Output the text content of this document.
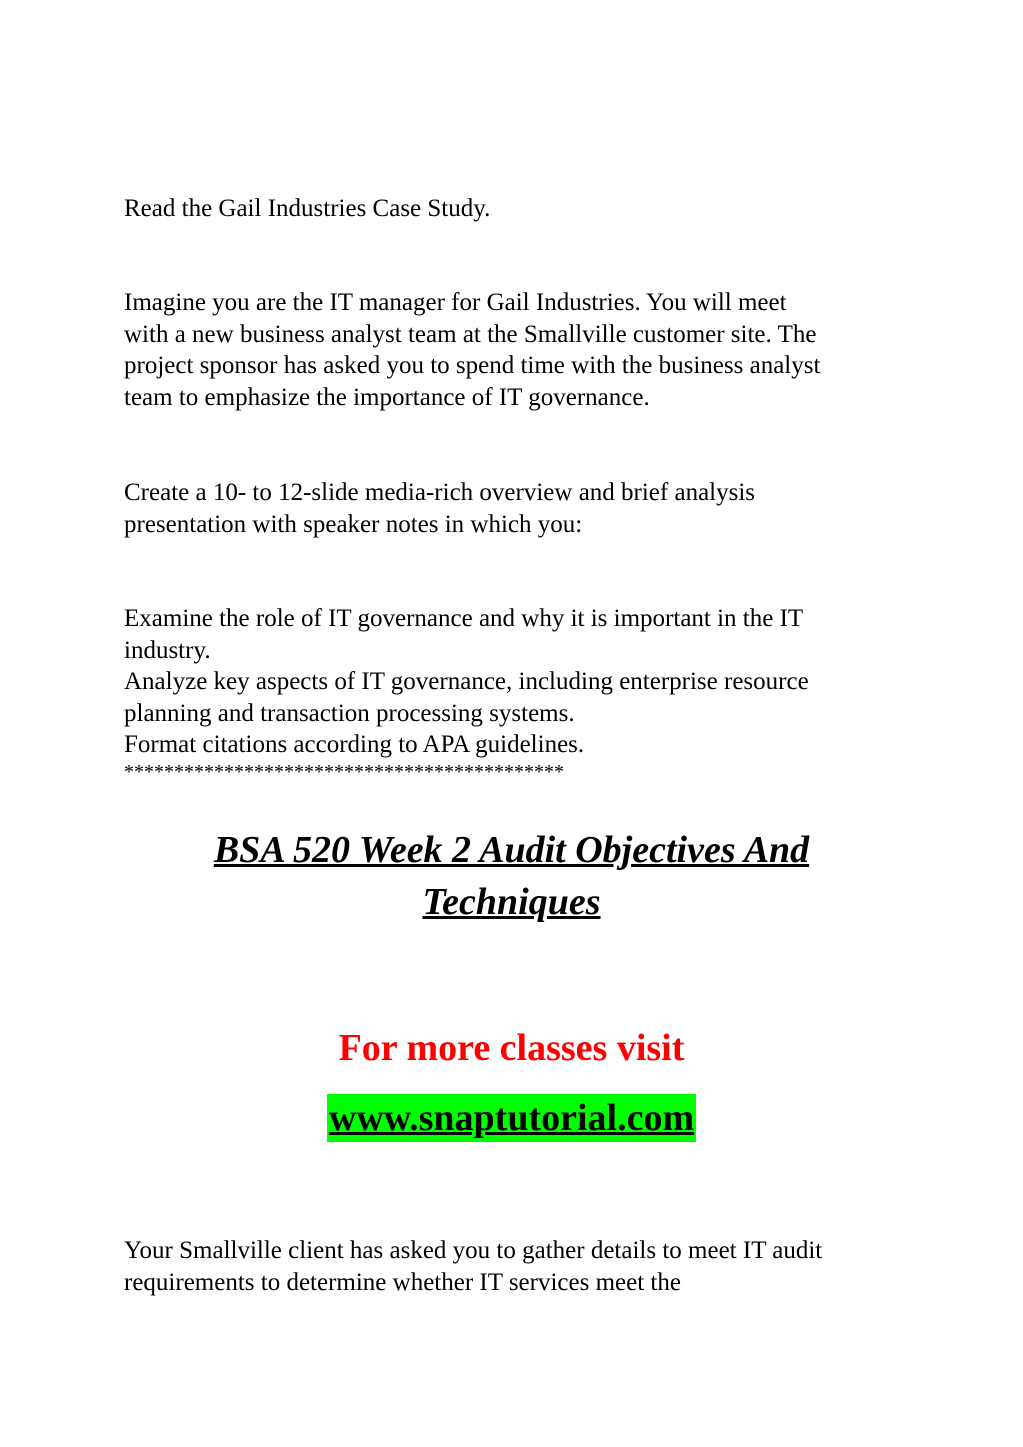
Read the Gail Industries Case Study.
Imagine you are the IT manager for Gail Industries. You will meet
with a new business analyst team at the Smallville customer site. The
project sponsor has asked you to spend time with the business analyst
team to emphasize the importance of IT governance.
Create a 10- to 12-slide media-rich overview and brief analysis
presentation with speaker notes in which you:
Examine the role of IT governance and why it is important in the IT
industry.
Analyze key aspects of IT governance, including enterprise resource
planning and transaction processing systems.
Format citations according to APA guidelines.
********************************************
BSA 520 Week 2 Audit Objectives And
Techniques
For more classes visit
www.snaptutorial.com
Your Smallville client has asked you to gather details to meet IT audit
requirements to determine whether IT services meet the
